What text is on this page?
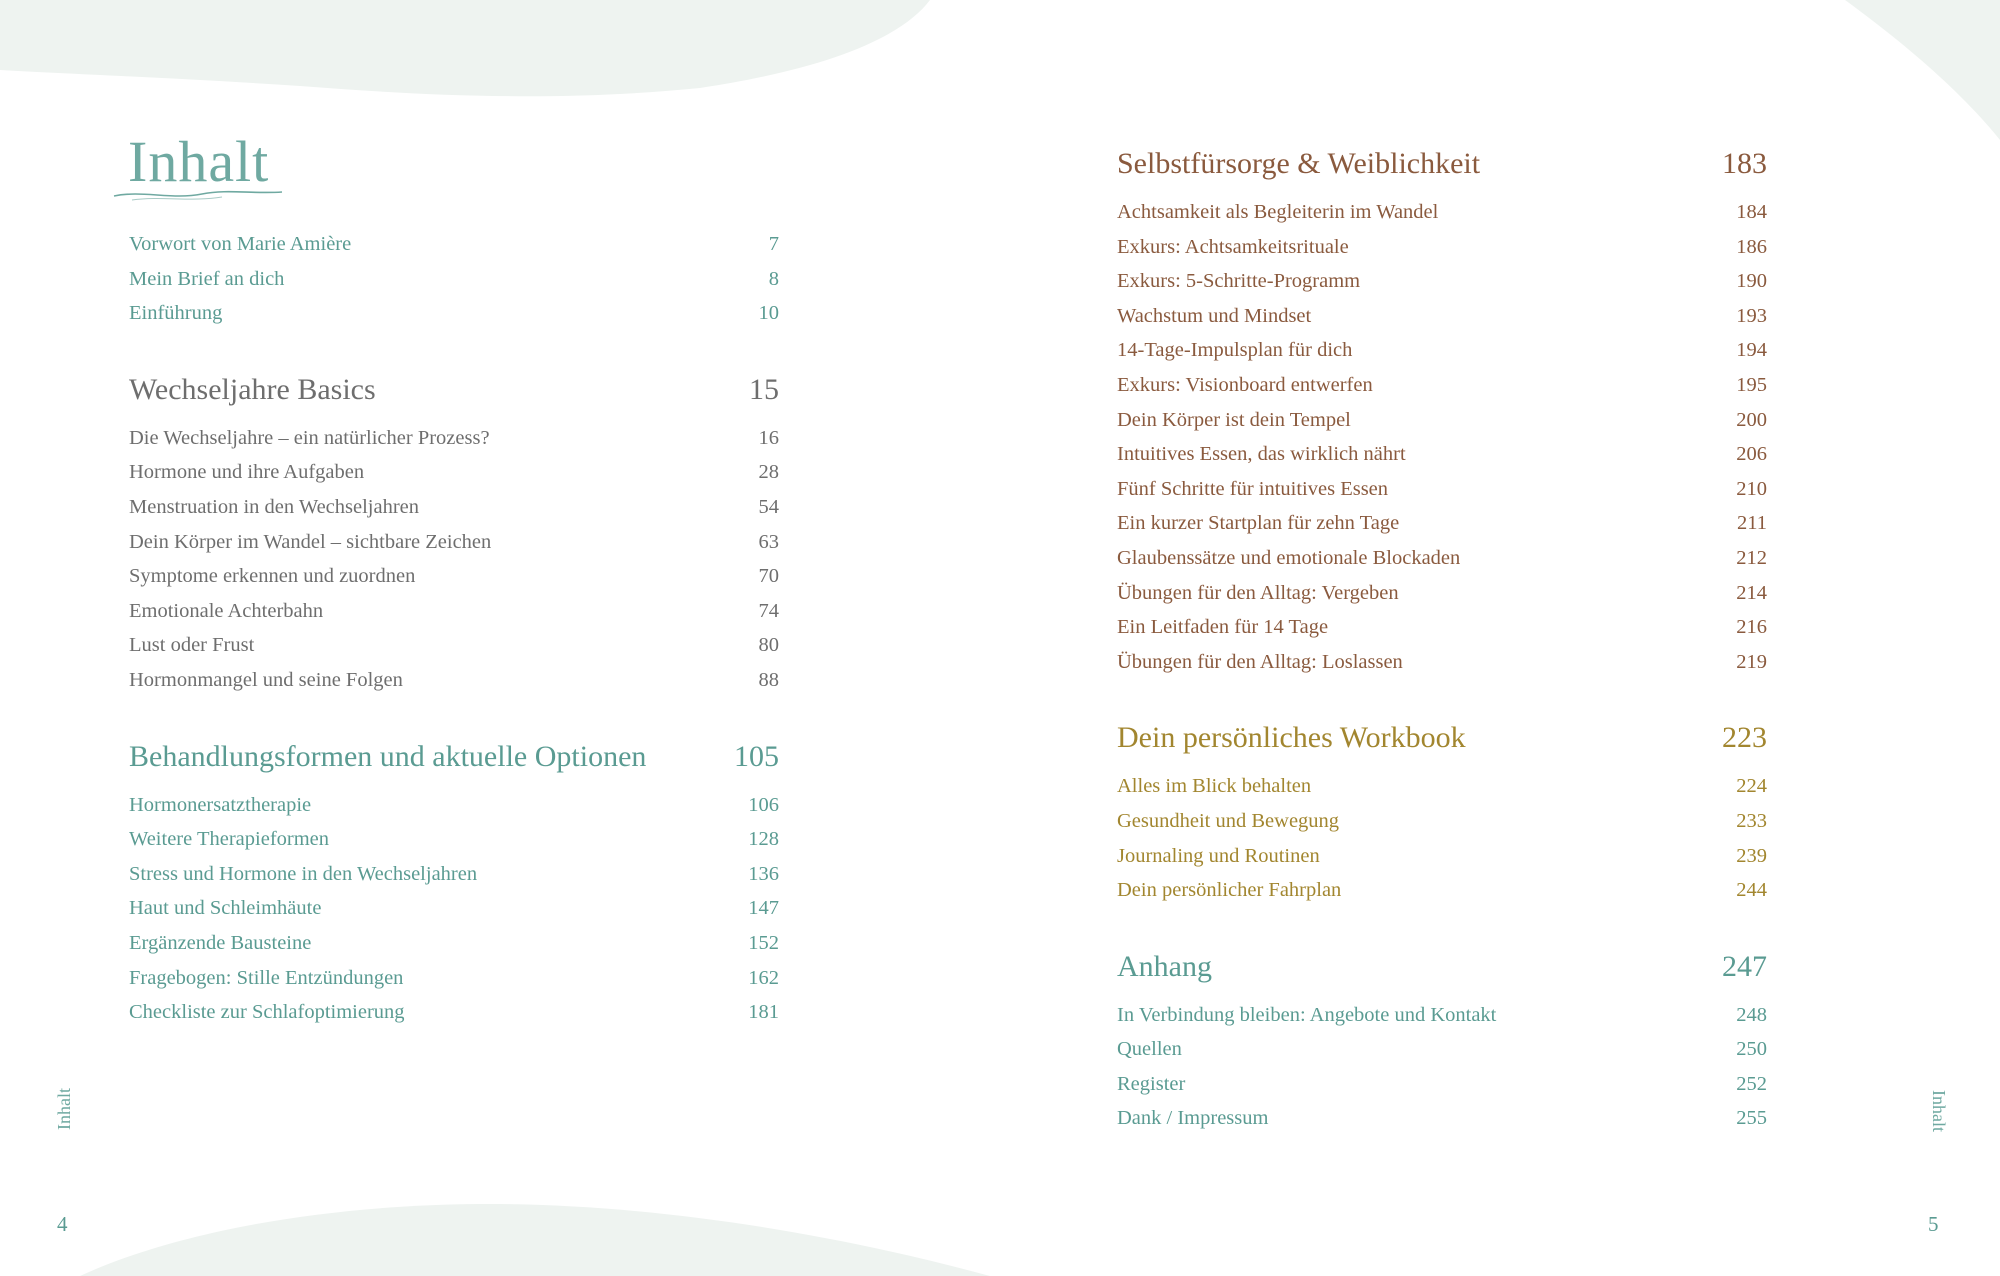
Inhalt
Vorwort von Marie Amière	7
Mein Brief an dich	8
Einführung	10
Wechseljahre Basics	15
Die Wechseljahre – ein natürlicher Prozess?	16
Hormone und ihre Aufgaben	28
Menstruation in den Wechseljahren	54
Dein Körper im Wandel – sichtbare Zeichen	63
Symptome erkennen und zuordnen	70
Emotionale Achterbahn	74
Lust oder Frust	80
Hormonmangel und seine Folgen	88
Behandlungsformen und aktuelle Optionen	105
Hormonersatztherapie	106
Weitere Therapieformen	128
Stress und Hormone in den Wechseljahren	136
Haut und Schleimhäute	147
Ergänzende Bausteine	152
Fragebogen: Stille Entzündungen	162
Checkliste zur Schlafoptimierung	181
Selbstfürsorge & Weiblichkeit	183
Achtsamkeit als Begleiterin im Wandel	184
Exkurs: Achtsamkeitsrituale	186
Exkurs: 5-Schritte-Programm	190
Wachstum und Mindset	193
14-Tage-Impulsplan für dich	194
Exkurs: Visionboard entwerfen	195
Dein Körper ist dein Tempel	200
Intuitives Essen, das wirklich nährt	206
Fünf Schritte für intuitives Essen	210
Ein kurzer Startplan für zehn Tage	211
Glaubenssätze und emotionale Blockaden	212
Übungen für den Alltag: Vergeben	214
Ein Leitfaden für 14 Tage	216
Übungen für den Alltag: Loslassen	219
Dein persönliches Workbook	223
Alles im Blick behalten	224
Gesundheit und Bewegung	233
Journaling und Routinen	239
Dein persönlicher Fahrplan	244
Anhang	247
In Verbindung bleiben: Angebote und Kontakt	248
Quellen	250
Register	252
Dank / Impressum	255
Inhalt	Inhalt
4	5
